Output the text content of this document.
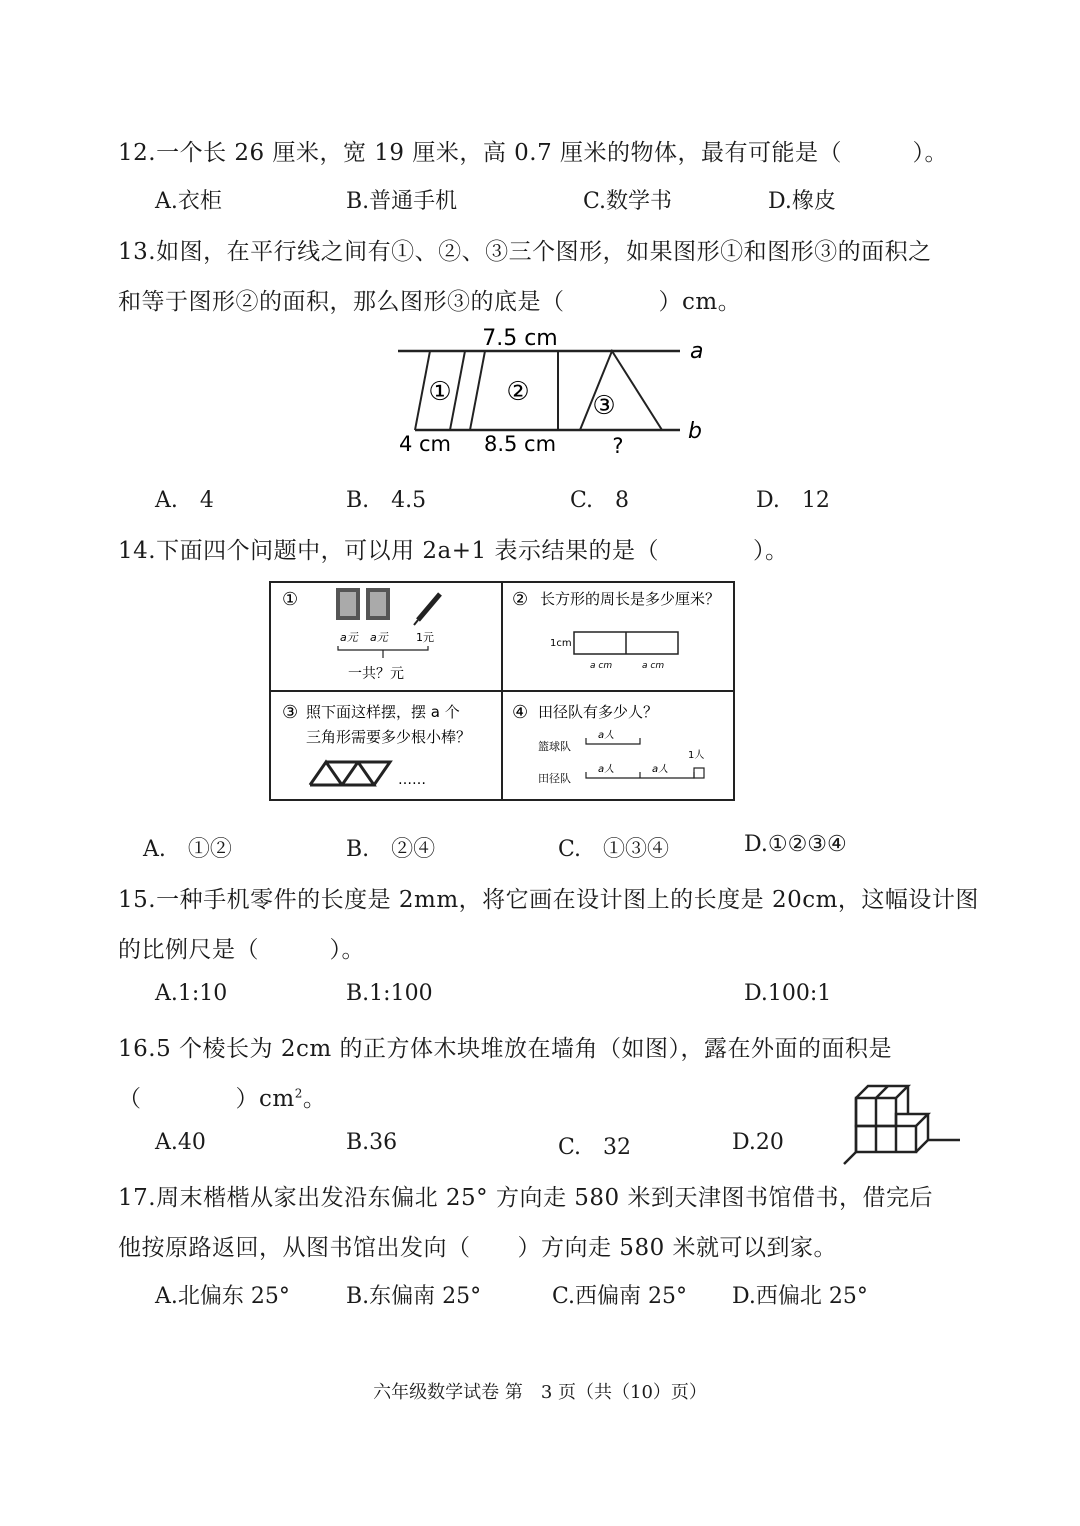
12.一个长 26 厘米，宽 19 厘米，高 0.7 厘米的物体，最有可能是（　　　）。
A.衣柜	B.普通手机	C.数学书	D.橡皮
13.如图，在平行线之间有①、②、③三个图形，如果图形①和图形③的面积之
和等于图形②的面积，那么图形③的底是（　　　　）cm。
7.5 cm
a
b
① ② ③
4 cm 8.5 cm	?
A.　4	B.　4.5	C.　8	D.　12
14.下面四个问题中，可以用 2a+1 表示结果的是（　　　　）。
①
a元 a元	1元
一共？元
② 长方形的周长是多少厘米？
1cm
a cm	a cm
③ 照下面这样摆，摆 a 个
三角形需要多少根小棒？
……
④ 田径队有多少人？
篮球队
田径队
a人
a人	a人
1人
A.　①②	B.　②④	C.　①③④	D.①②③④
15.一种手机零件的长度是 2mm，将它画在设计图上的长度是 20cm，这幅设计图
的比例尺是（　　　）。
A.1:10	B.1:100	D.100:1
16.5 个棱长为 2cm 的正方体木块堆放在墙角（如图），露在外面的面积是
（　　　　）$cm^2$。
A.40	B.36	C.　32	D.20
17.周末楷楷从家出发沿东偏北 25° 方向走 580 米到天津图书馆借书，借完后
他按原路返回，从图书馆出发向（　　）方向走 580 米就可以到家。
A.北偏东 25°	B.东偏南 25°	C.西偏南 25° D.西偏北 25°
六年级数学试卷 第　3 页（共（10）页）
